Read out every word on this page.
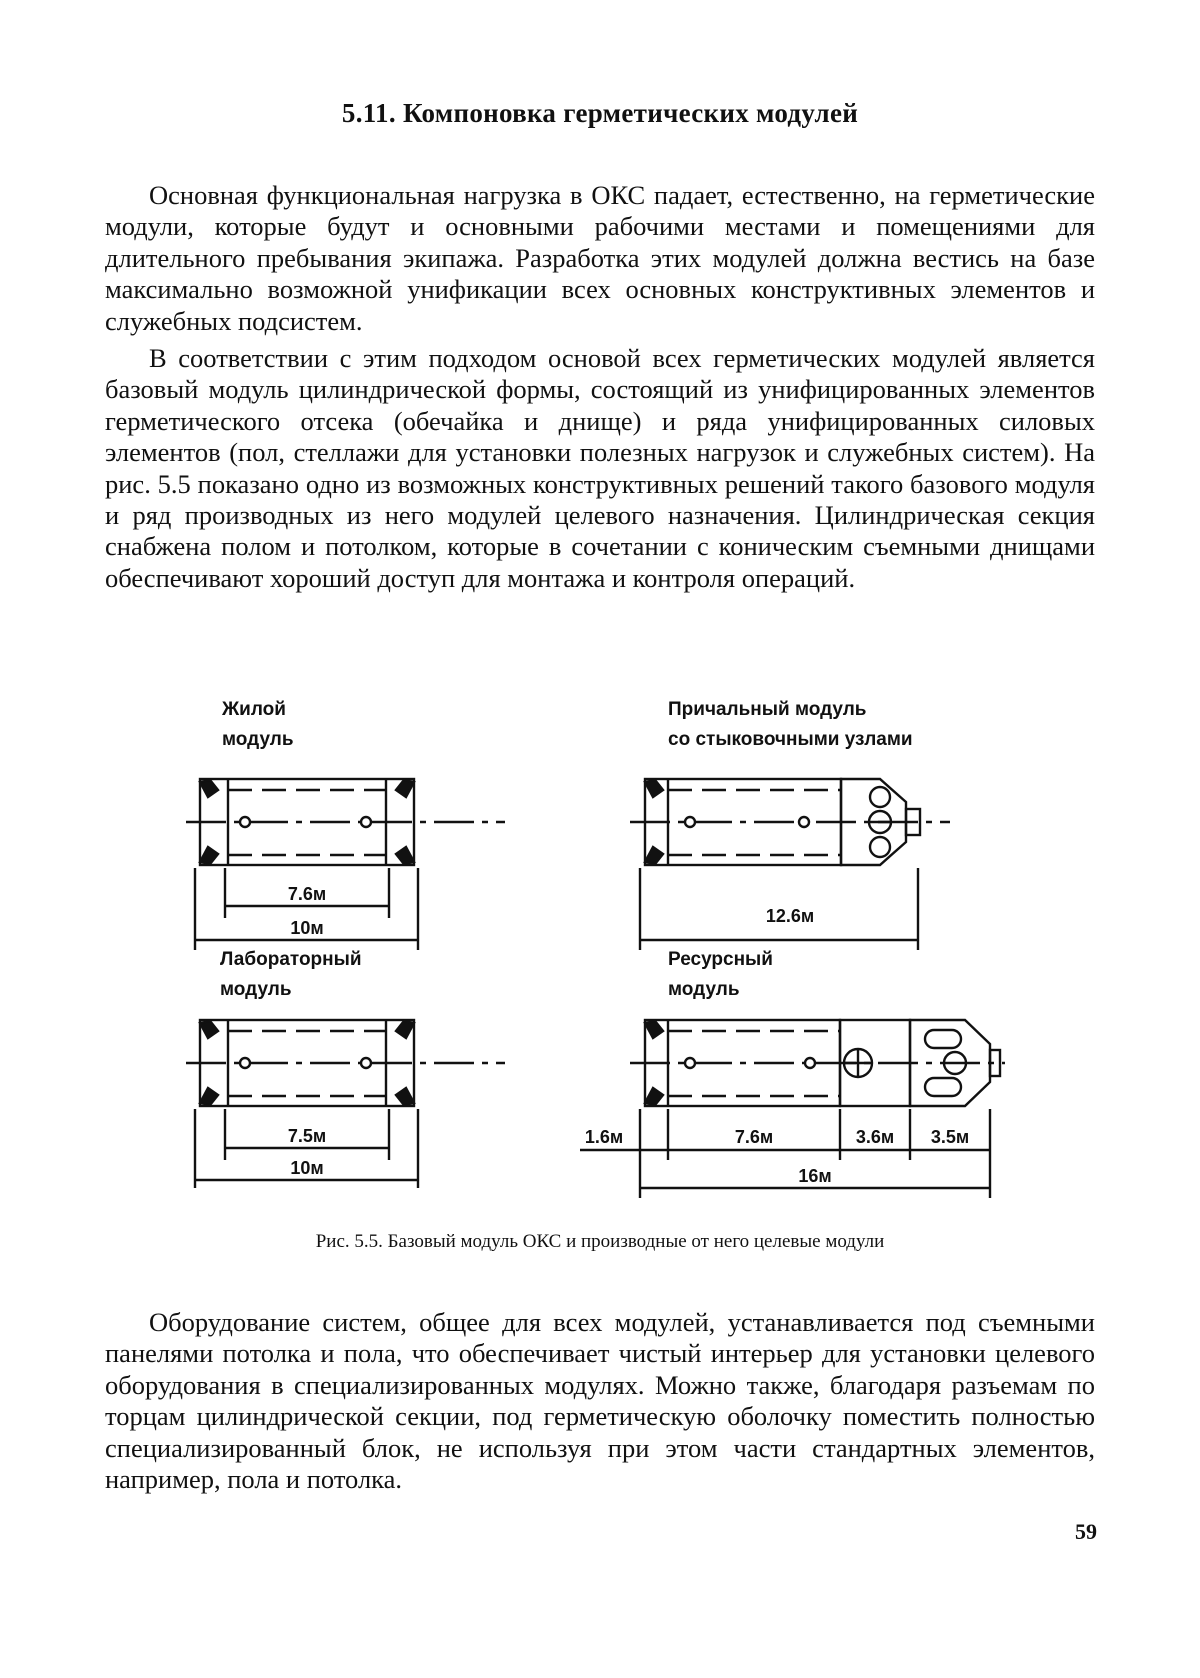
5.11. Компоновка герметических модулей

Основная функциональная нагрузка в ОКС падает, естественно, на герметические модули, которые будут и основными рабочими местами и помещениями для длительного пребывания экипажа. Разработка этих модулей должна вестись на базе максимально возможной унификации всех основных конструктивных элементов и служебных подсистем.

В соответствии с этим подходом основой всех герметических модулей является базовый модуль цилиндрической формы, состоящий из унифицированных элементов герметического отсека (обечайка и днище) и ряда унифицированных силовых элементов (пол, стеллажи для установки полезных нагрузок и служебных систем). На рис. 5.5 показано одно из возможных конструктивных решений такого базового модуля и ряд производных из него модулей целевого назначения. Цилиндрическая секция снабжена полом и потолком, которые в сочетании с коническим съемными днищами обеспечивают хороший доступ для монтажа и контроля операций.

Жилой
модуль
7.6м
10м
Причальный модуль
со стыковочными узлами
12.6м
Лабораторный
модуль
7.5м
10м
Ресурсный
модуль
1.6м	7.6м	3.6м 3.5м
16м

Рис. 5.5. Базовый модуль ОКС и производные от него целевые модули

Оборудование систем, общее для всех модулей, устанавливается под съемными панелями потолка и пола, что обеспечивает чистый интерьер для установки целевого оборудования в специализированных модулях. Можно также, благодаря разъемам по торцам цилиндрической секции, под герметическую оболочку поместить полностью специализированный блок, не используя при этом части стандартных элементов, например, пола и потолка.

59
